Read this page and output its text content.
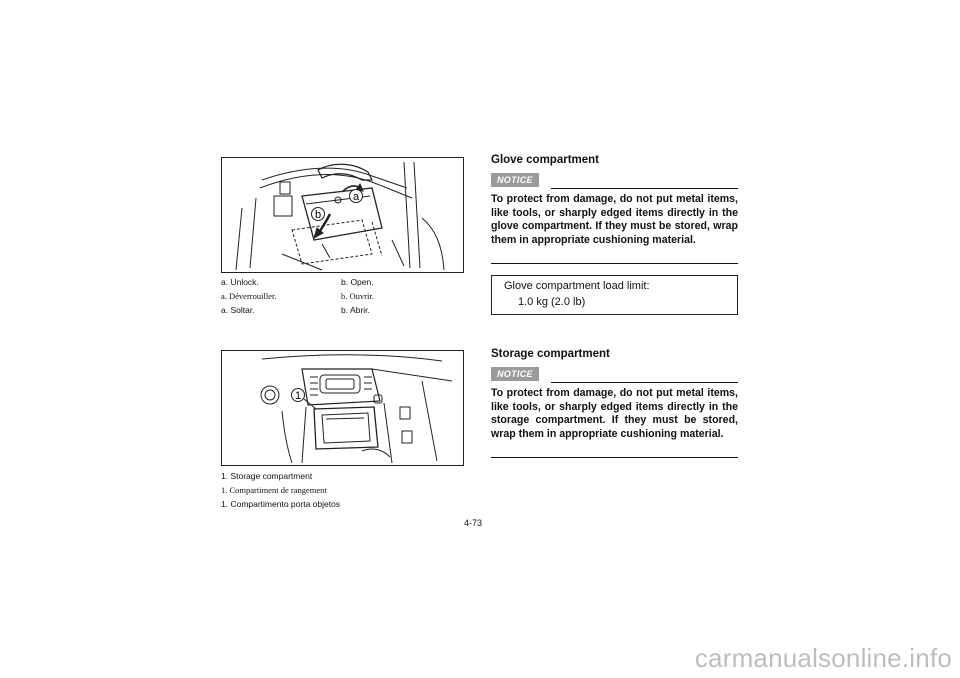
a
b
a. Unlock.	b. Open.
a. Déverrouiller.	b. Ouvrir.
a. Soltar.	b. Abrir.
1
1. Storage compartment
1. Compartiment de rangement
1. Compartimento porta objetos
Glove compartment
NOTICE
To protect from damage, do not put metal items, like tools, or sharply edged items directly in the glove compartment. If they must be stored, wrap them in appropriate cushioning material.
Glove compartment load limit:
1.0 kg (2.0 lb)
Storage compartment
NOTICE
To protect from damage, do not put metal items, like tools, or sharply edged items directly in the storage compartment. If they must be stored, wrap them in appropriate cushioning material.
4-73
carmanualsonline.info
